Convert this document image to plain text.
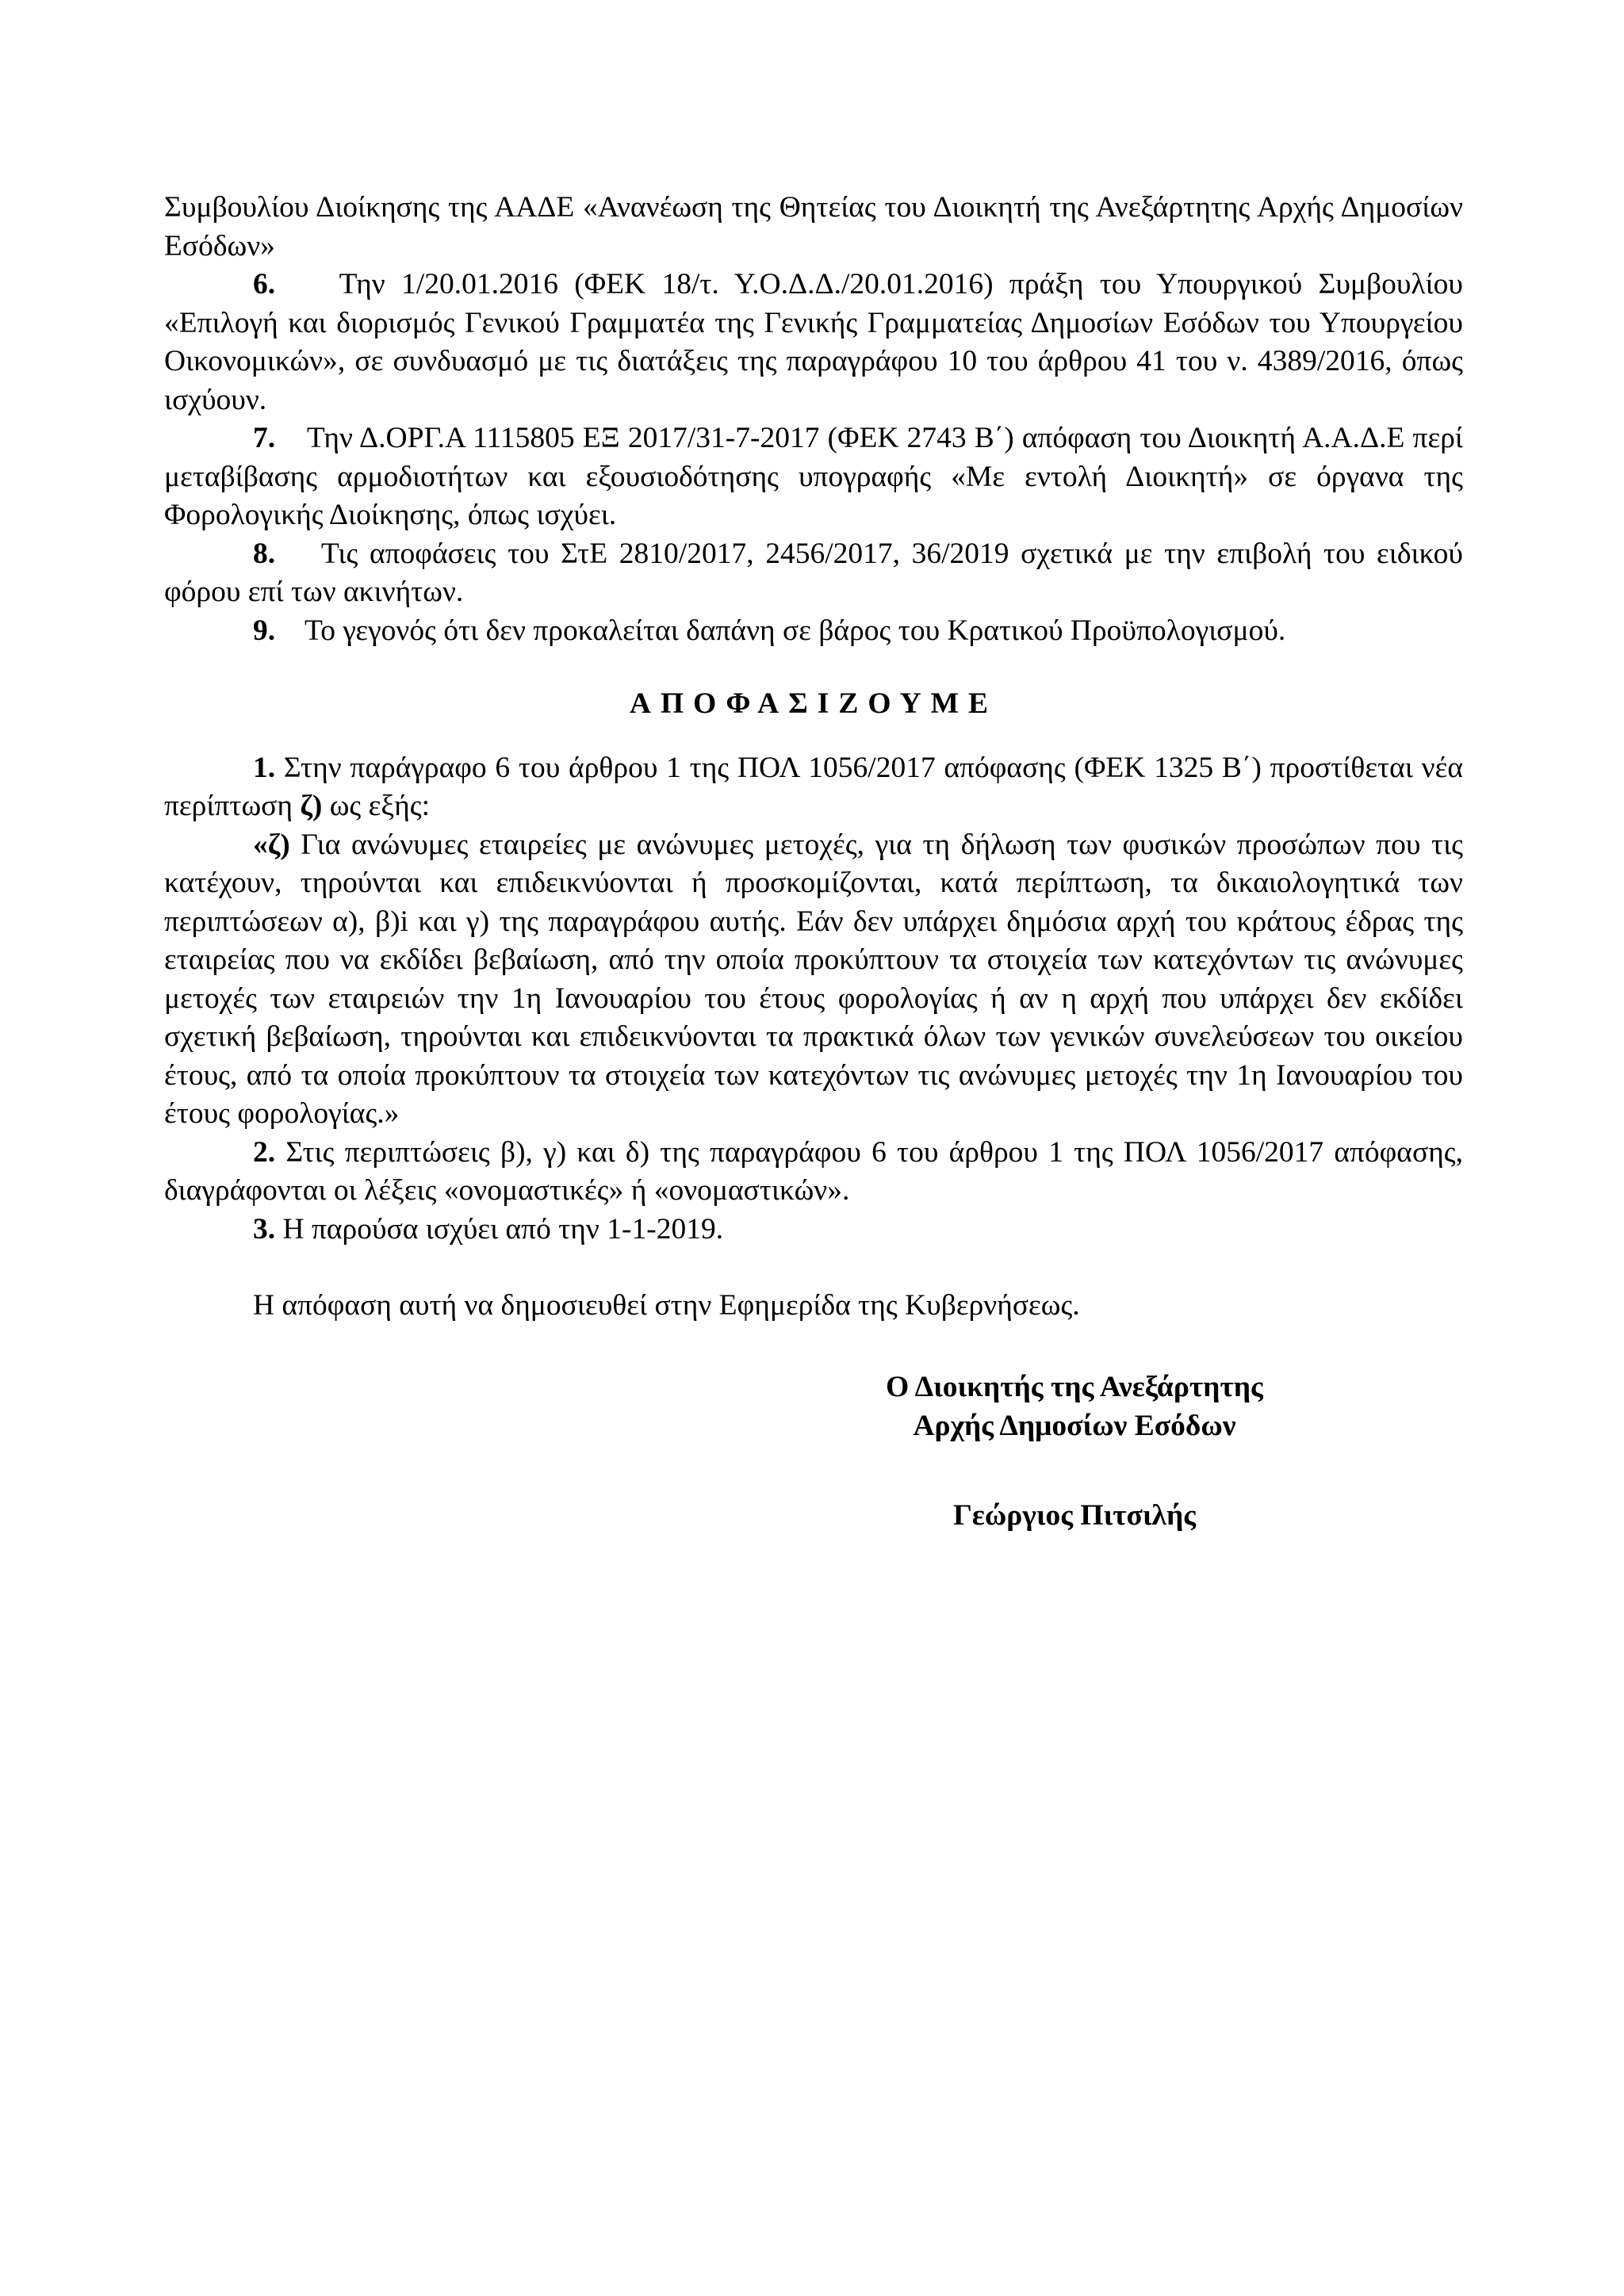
Συμβουλίου Διοίκησης της ΑΑΔΕ «Ανανέωση της Θητείας του Διοικητή της Ανεξάρτητης Αρχής Δημοσίων Εσόδων»

6. Την 1/20.01.2016 (ΦΕΚ 18/τ. Υ.Ο.Δ.Δ./20.01.2016) πράξη του Υπουργικού Συμβουλίου «Επιλογή και διορισμός Γενικού Γραμματέα της Γενικής Γραμματείας Δημοσίων Εσόδων του Υπουργείου Οικονομικών», σε συνδυασμό με τις διατάξεις της παραγράφου 10 του άρθρου 41 του ν. 4389/2016, όπως ισχύουν.

7. Την Δ.ΟΡΓ.Α 1115805 ΕΞ 2017/31-7-2017 (ΦΕΚ 2743 Β΄) απόφαση του Διοικητή Α.Α.Δ.Ε περί μεταβίβασης αρμοδιοτήτων και εξουσιοδότησης υπογραφής «Με εντολή Διοικητή» σε όργανα της Φορολογικής Διοίκησης, όπως ισχύει.

8. Τις αποφάσεις του ΣτΕ 2810/2017, 2456/2017, 36/2019 σχετικά με την επιβολή του ειδικού φόρου επί των ακινήτων.

9. Το γεγονός ότι δεν προκαλείται δαπάνη σε βάρος του Κρατικού Προϋπολογισμού.

ΑΠΟΦΑΣΙΖΟΥΜΕ

1. Στην παράγραφο 6 του άρθρου 1 της ΠΟΛ 1056/2017 απόφασης (ΦΕΚ 1325 Β΄) προστίθεται νέα περίπτωση ζ) ως εξής:

«ζ) Για ανώνυμες εταιρείες με ανώνυμες μετοχές, για τη δήλωση των φυσικών προσώπων που τις κατέχουν, τηρούνται και επιδεικνύονται ή προσκομίζονται, κατά περίπτωση, τα δικαιολογητικά των περιπτώσεων α), β)i και γ) της παραγράφου αυτής. Εάν δεν υπάρχει δημόσια αρχή του κράτους έδρας της εταιρείας που να εκδίδει βεβαίωση, από την οποία προκύπτουν τα στοιχεία των κατεχόντων τις ανώνυμες μετοχές των εταιρειών την 1η Ιανουαρίου του έτους φορολογίας ή αν η αρχή που υπάρχει δεν εκδίδει σχετική βεβαίωση, τηρούνται και επιδεικνύονται τα πρακτικά όλων των γενικών συνελεύσεων του οικείου έτους, από τα οποία προκύπτουν τα στοιχεία των κατεχόντων τις ανώνυμες μετοχές την 1η Ιανουαρίου του έτους φορολογίας.»

2. Στις περιπτώσεις β), γ) και δ) της παραγράφου 6 του άρθρου 1 της ΠΟΛ 1056/2017 απόφασης, διαγράφονται οι λέξεις «ονομαστικές» ή «ονομαστικών».

3. Η παρούσα ισχύει από την 1-1-2019.

Η απόφαση αυτή να δημοσιευθεί στην Εφημερίδα της Κυβερνήσεως.

Ο Διοικητής της Ανεξάρτητης
Αρχής Δημοσίων Εσόδων
Γεώργιος Πιτσιλής
